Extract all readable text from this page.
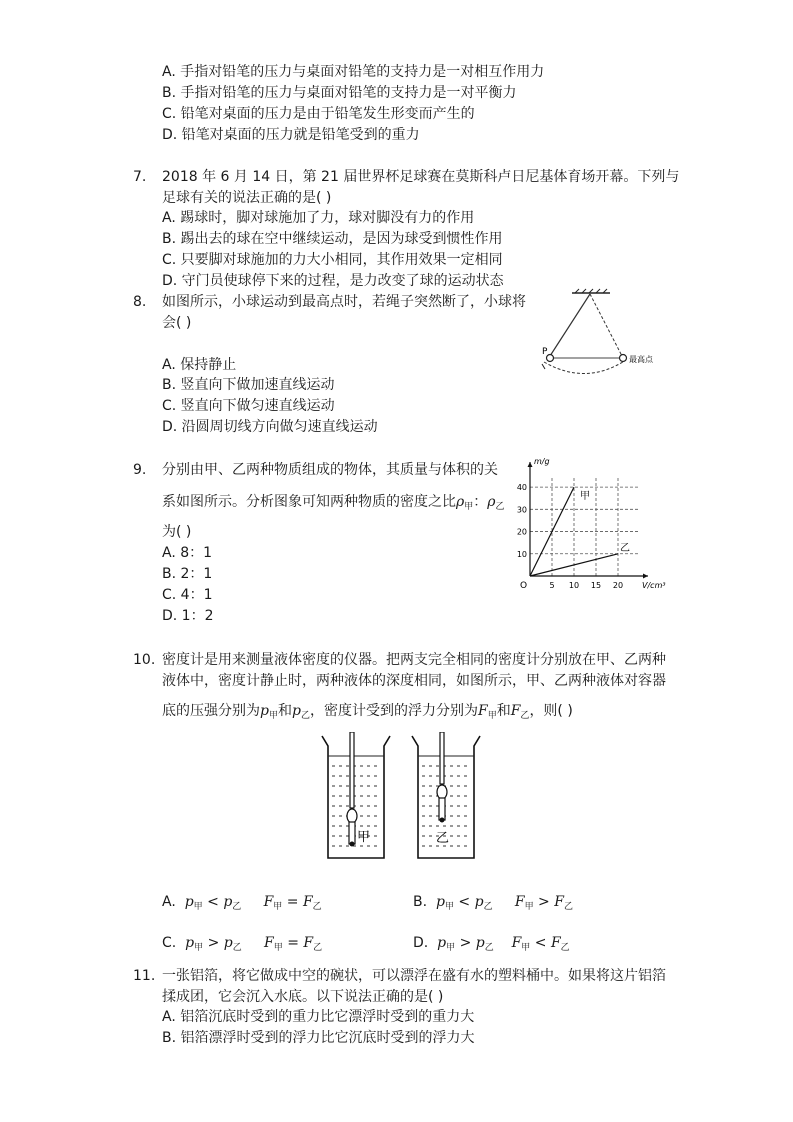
A. 手指对铅笔的压力与桌面对铅笔的支持力是一对相互作用力
B. 手指对铅笔的压力与桌面对铅笔的支持力是一对平衡力
C. 铅笔对桌面的压力是由于铅笔发生形变而产生的
D. 铅笔对桌面的压力就是铅笔受到的重力
7. 2018 年 6 月 14 日，第 21 届世界杯足球赛在莫斯科卢日尼基体育场开幕。下列与
足球有关的说法正确的是( )
A. 踢球时，脚对球施加了力，球对脚没有力的作用
B. 踢出去的球在空中继续运动，是因为球受到惯性作用
C. 只要脚对球施加的力大小相同，其作用效果一定相同
D. 守门员使球停下来的过程，是力改变了球的运动状态
8. 如图所示，小球运动到最高点时，若绳子突然断了，小球将
会( )
A. 保持静止
B. 竖直向下做加速直线运动
C. 竖直向下做匀速直线运动
D. 沿圆周切线方向做匀速直线运动
P
最高点
9. 分别由甲、乙两种物质组成的物体，其质量与体积的关
系如图所示。分析图象可知两种物质的密度之比$\rho_甲$：$\rho_乙$
为( )
A. 8：1
B. 2：1
C. 4：1
D. 1：2
5 10 15 20
10
20
30
40
V/cm³
m/g
O
甲
乙
10. 密度计是用来测量液体密度的仪器。把两支完全相同的密度计分别放在甲、乙两种
液体中，密度计静止时，两种液体的深度相同，如图所示，甲、乙两种液体对容器
底的压强分别为$p_甲$和$p_乙$，密度计受到的浮力分别为$F_甲$和$F_乙$，则( )
甲	乙
A. $p_甲 < p_乙$ $F_甲 = F_乙$	B. $p_甲 < p_乙$ $F_甲 > F_乙$
C. $p_甲 > p_乙$ $F_甲 = F_乙$	D. $p_甲 > p_乙$ $F_甲 < F_乙$
11. 一张铝箔，将它做成中空的碗状，可以漂浮在盛有水的塑料桶中。如果将这片铝箔
揉成团，它会沉入水底。以下说法正确的是( )
A. 铝箔沉底时受到的重力比它漂浮时受到的重力大
B. 铝箔漂浮时受到的浮力比它沉底时受到的浮力大
